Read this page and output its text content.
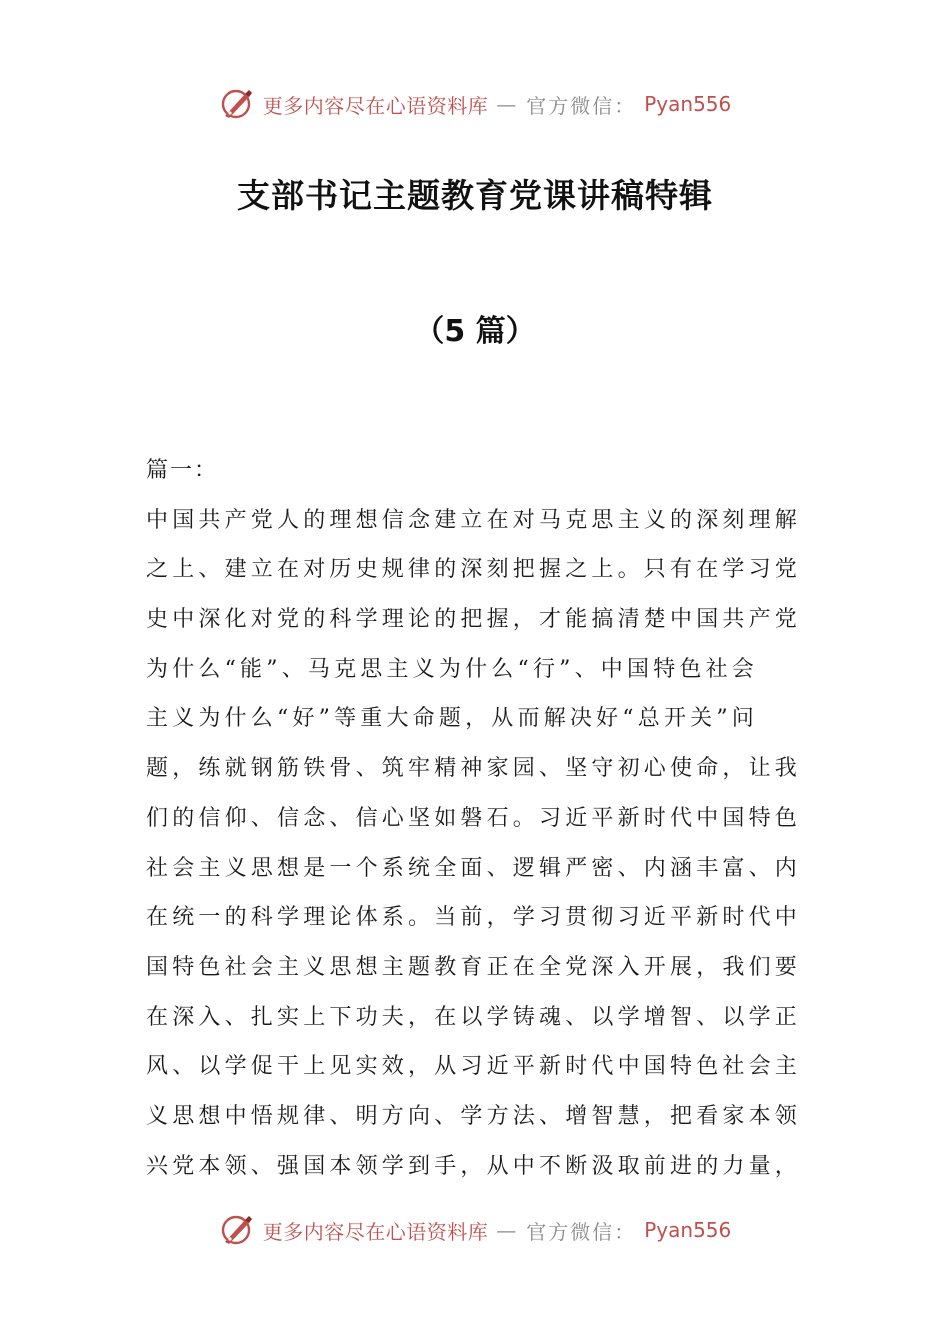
更多内容尽在心语资料库 — 官方微信： Pyan556
支部书记主题教育党课讲稿特辑
（5 篇）
篇一：
中国共产党人的理想信念建立在对马克思主义的深刻理解
之上、建立在对历史规律的深刻把握之上。只有在学习党
史中深化对党的科学理论的把握，才能搞清楚中国共产党
为什么“能”、马克思主义为什么“行”、中国特色社会
主义为什么“好”等重大命题，从而解决好“总开关”问
题，练就钢筋铁骨、筑牢精神家园、坚守初心使命，让我
们的信仰、信念、信心坚如磐石。习近平新时代中国特色
社会主义思想是一个系统全面、逻辑严密、内涵丰富、内
在统一的科学理论体系。当前，学习贯彻习近平新时代中
国特色社会主义思想主题教育正在全党深入开展，我们要
在深入、扎实上下功夫，在以学铸魂、以学增智、以学正
风、以学促干上见实效，从习近平新时代中国特色社会主
义思想中悟规律、明方向、学方法、增智慧，把看家本领
兴党本领、强国本领学到手，从中不断汲取前进的力量，
更多内容尽在心语资料库 — 官方微信： Pyan556
